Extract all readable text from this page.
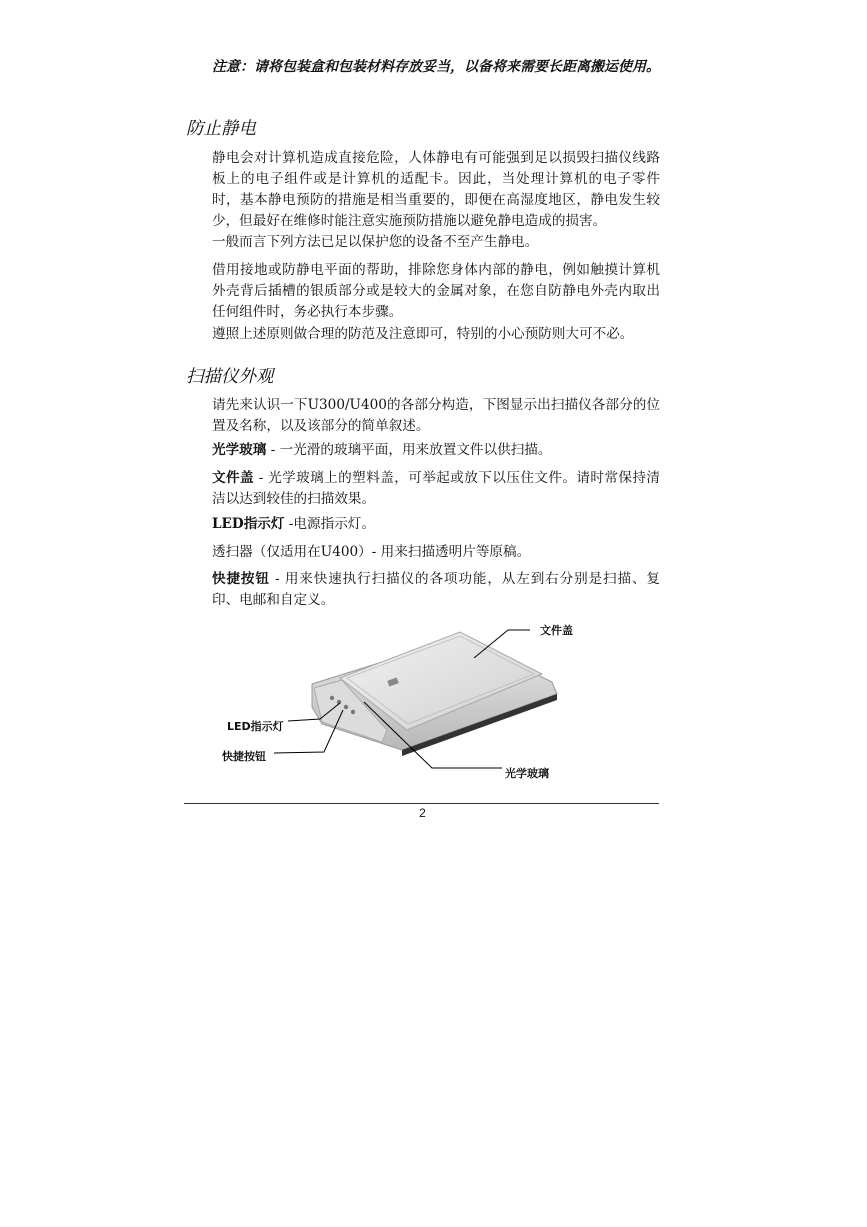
注意：请将包装盒和包装材料存放妥当，以备将来需要长距离搬运使用。
防止静电

静电会对计算机造成直接危险，人体静电有可能强到足以损毁扫描仪线路板上的电子组件或是计算机的适配卡。因此，当处理计算机的电子零件时，基本静电预防的措施是相当重要的，即便在高湿度地区，静电发生较少，但最好在维修时能注意实施预防措施以避免静电造成的损害。

一般而言下列方法已足以保护您的设备不至产生静电。

借用接地或防静电平面的帮助，排除您身体内部的静电，例如触摸计算机外壳背后插槽的银质部分或是较大的金属对象，在您自防静电外壳内取出任何组件时，务必执行本步骤。

遵照上述原则做合理的防范及注意即可，特别的小心预防则大可不必。

扫描仪外观

请先来认识一下U300/U400的各部分构造，下图显示出扫描仪各部分的位置及名称，以及该部分的简单叙述。

光学玻璃 - 一光滑的玻璃平面，用来放置文件以供扫描。

文件盖 - 光学玻璃上的塑料盖，可举起或放下以压住文件。请时常保持清洁以达到较佳的扫描效果。

LED指示灯 -电源指示灯。

透扫器（仅适用在U400）- 用来扫描透明片等原稿。

快捷按钮 - 用来快速执行扫描仪的各项功能，从左到右分别是扫描、复印、电邮和自定义。

文件盖
LED指示灯
快捷按钮
光学玻璃
2
